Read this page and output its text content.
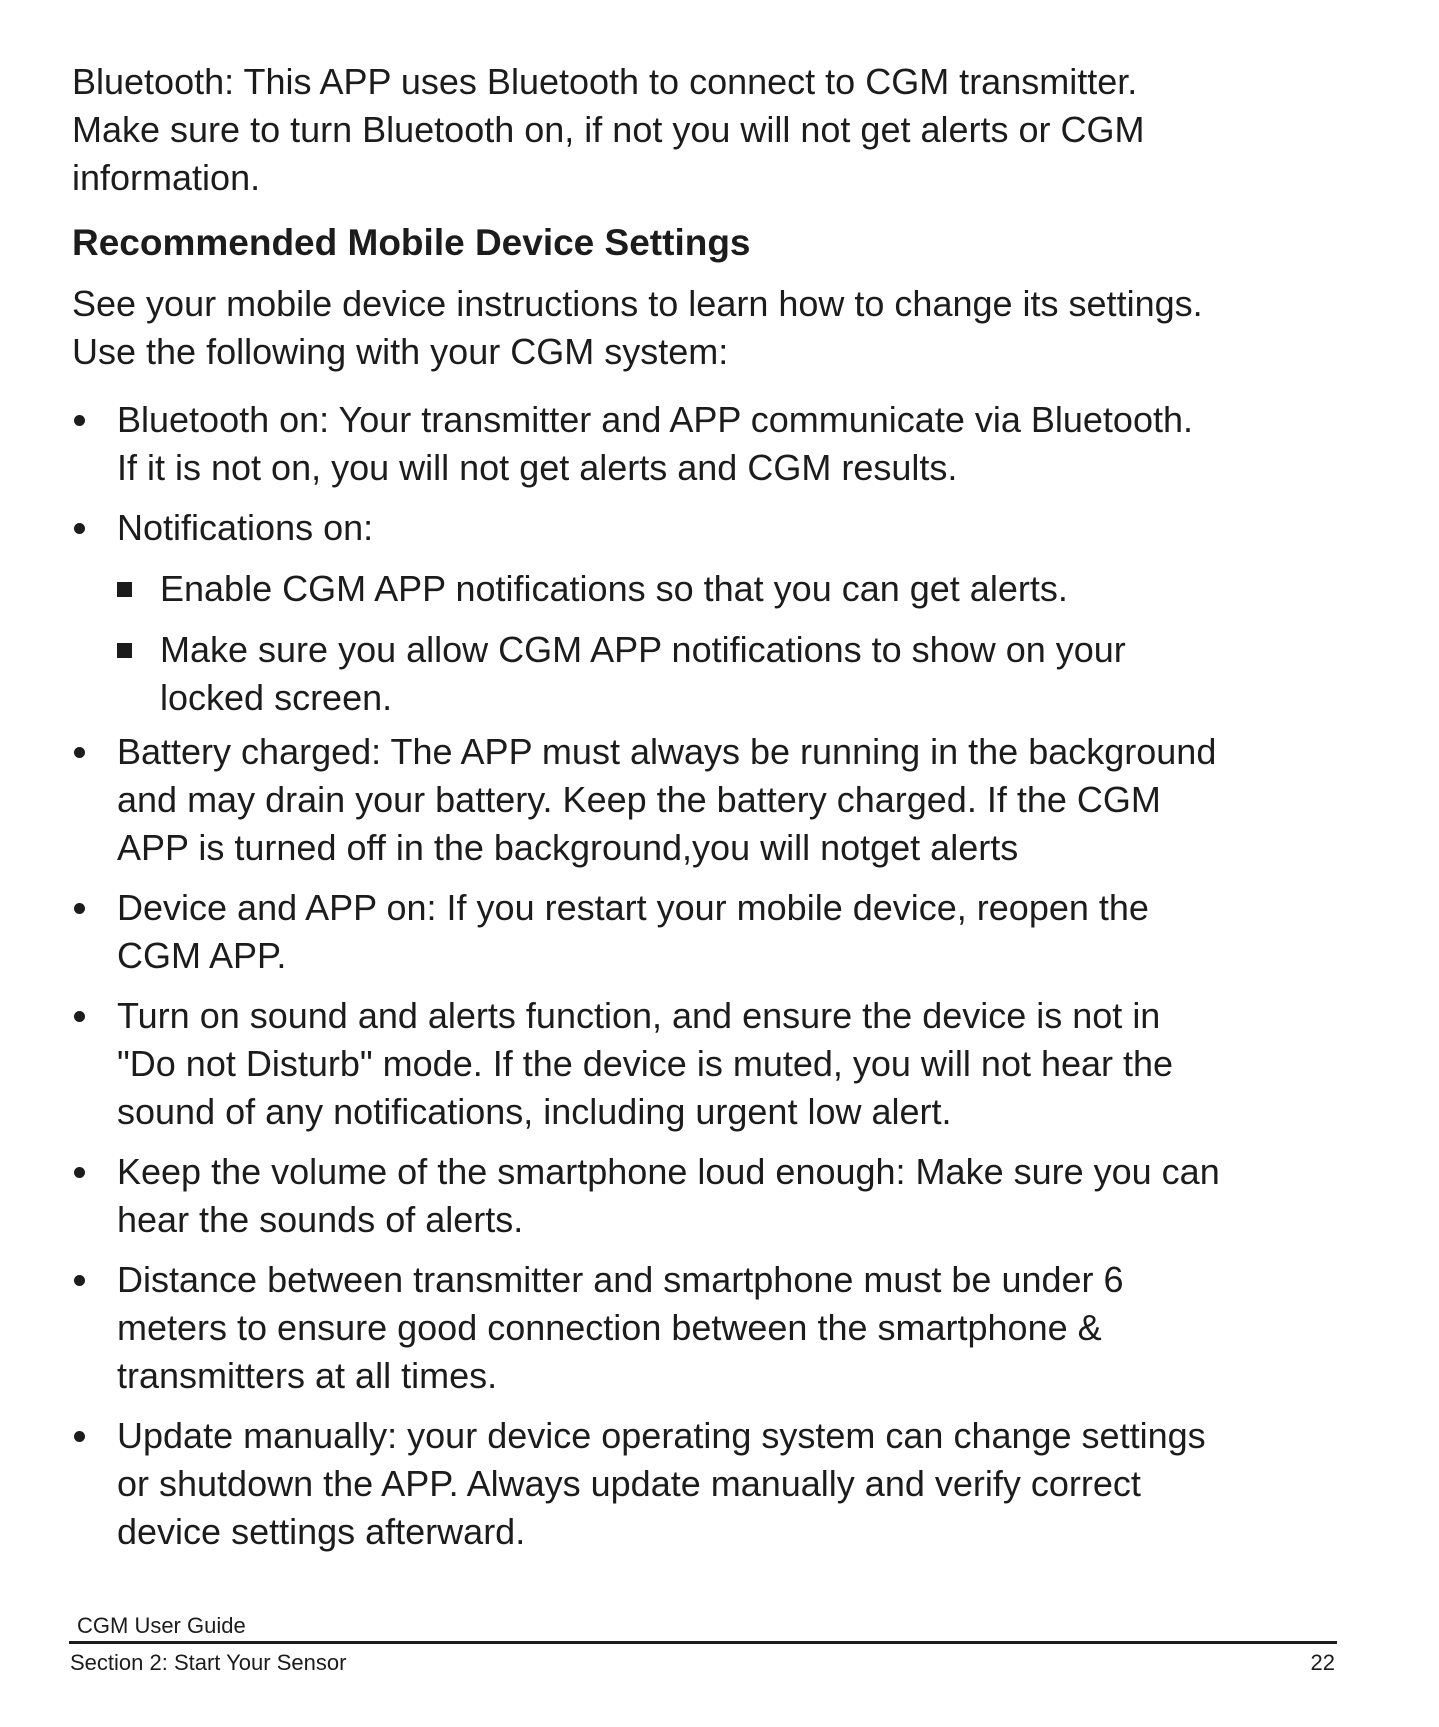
Bluetooth: This APP uses Bluetooth to connect to CGM transmitter.
Make sure to turn Bluetooth on, if not you will not get alerts or CGM
information.
Recommended Mobile Device Settings
See your mobile device instructions to learn how to change its settings.
Use the following with your CGM system:
Bluetooth on: Your transmitter and APP communicate via Bluetooth.
If it is not on, you will not get alerts and CGM results.
Notifications on:
Enable CGM APP notifications so that you can get alerts.
Make sure you allow CGM APP notifications to show on your
locked screen.
Battery charged: The APP must always be running in the background
and may drain your battery. Keep the battery charged. If the CGM
APP is turned off in the background,you will notget alerts
Device and APP on: If you restart your mobile device, reopen the
CGM APP.
Turn on sound and alerts function, and ensure the device is not in
"Do not Disturb" mode. If the device is muted, you will not hear the
sound of any notifications, including urgent low alert.
Keep the volume of the smartphone loud enough: Make sure you can
hear the sounds of alerts.
Distance between transmitter and smartphone must be under 6
meters to ensure good connection between the smartphone &
transmitters at all times.
Update manually: your device operating system can change settings
or shutdown the APP. Always update manually and verify correct
device settings afterward.
CGM User Guide
Section 2: Start Your Sensor	22
